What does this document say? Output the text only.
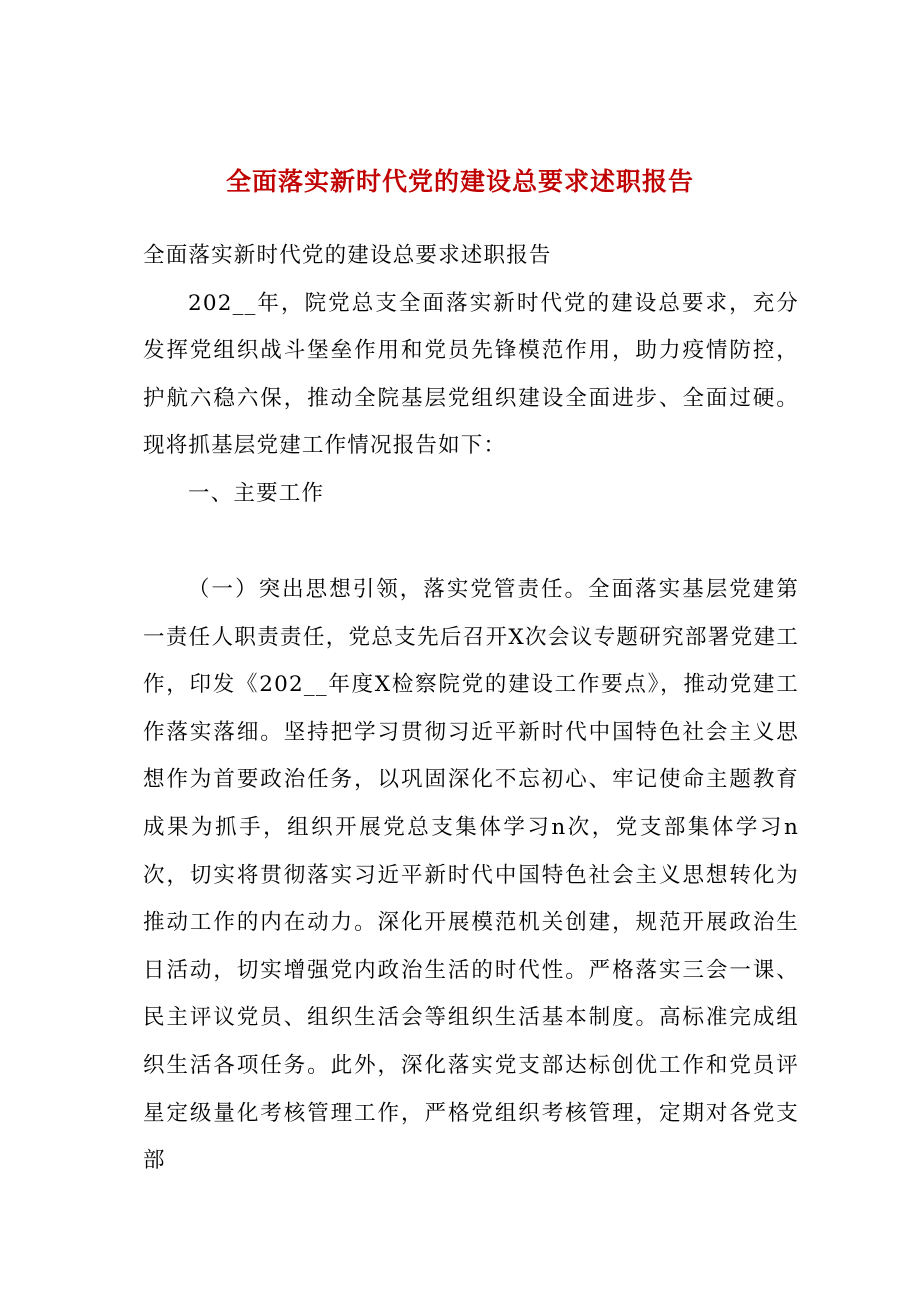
全面落实新时代党的建设总要求述职报告

全面落实新时代党的建设总要求述职报告

202__年，院党总支全面落实新时代党的建设总要求，充分发挥党组织战斗堡垒作用和党员先锋模范作用，助力疫情防控，护航六稳六保，推动全院基层党组织建设全面进步、全面过硬。现将抓基层党建工作情况报告如下：

一、主要工作

（一）突出思想引领，落实党管责任。全面落实基层党建第一责任人职责责任，党总支先后召开X次会议专题研究部署党建工作，印发《202__年度X检察院党的建设工作要点》，推动党建工作落实落细。坚持把学习贯彻习近平新时代中国特色社会主义思想作为首要政治任务，以巩固深化不忘初心、牢记使命主题教育成果为抓手，组织开展党总支集体学习n次，党支部集体学习n次，切实将贯彻落实习近平新时代中国特色社会主义思想转化为推动工作的内在动力。深化开展模范机关创建，规范开展政治生日活动，切实增强党内政治生活的时代性。严格落实三会一课、民主评议党员、组织生活会等组织生活基本制度。高标准完成组织生活各项任务。此外，深化落实党支部达标创优工作和党员评星定级量化考核管理工作，严格党组织考核管理，定期对各党支部
